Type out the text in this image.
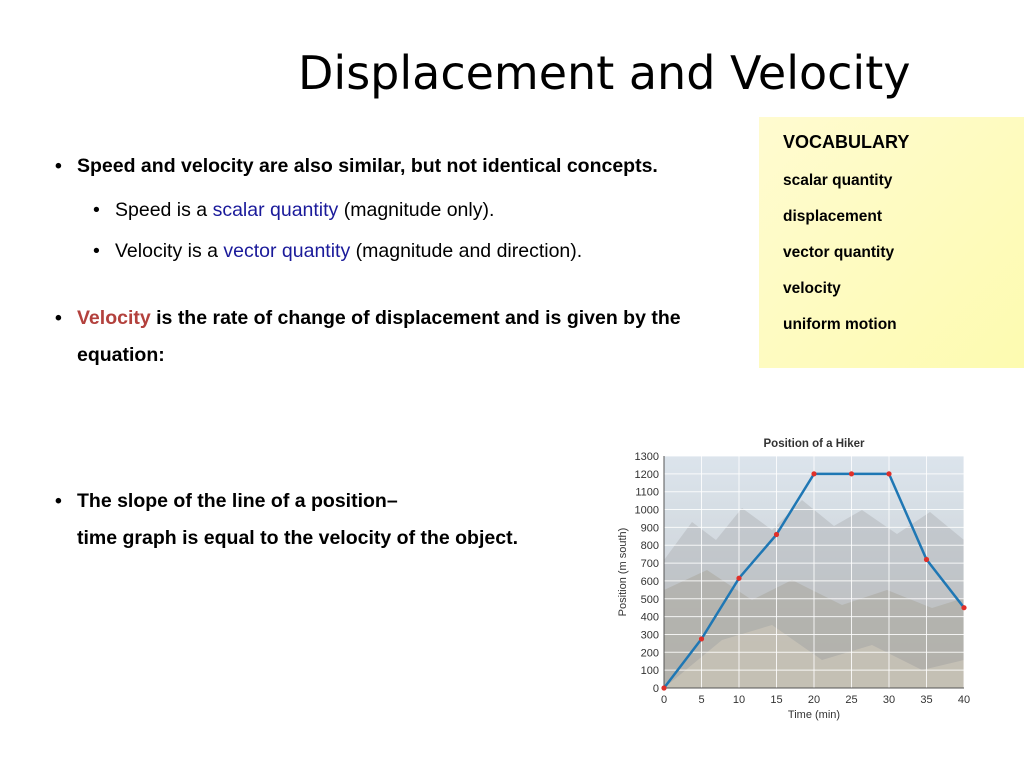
Displacement and Velocity
• Speed and velocity are also similar, but not identical concepts.
• Speed is a scalar quantity (magnitude only).
• Velocity is a vector quantity (magnitude and direction).
• Velocity is the rate of change of displacement and is given by the equation:
• The slope of the line of a position–
time graph is equal to the velocity of the object.
VOCABULARY
scalar quantity
displacement
vector quantity
velocity
uniform motion
0
100
200
300
400
500
600
700
800
900
1000
1100
1200
1300
0	5	10 15 20 25 30 35 40
Position of a Hiker
Time (min)
Position (m south)
